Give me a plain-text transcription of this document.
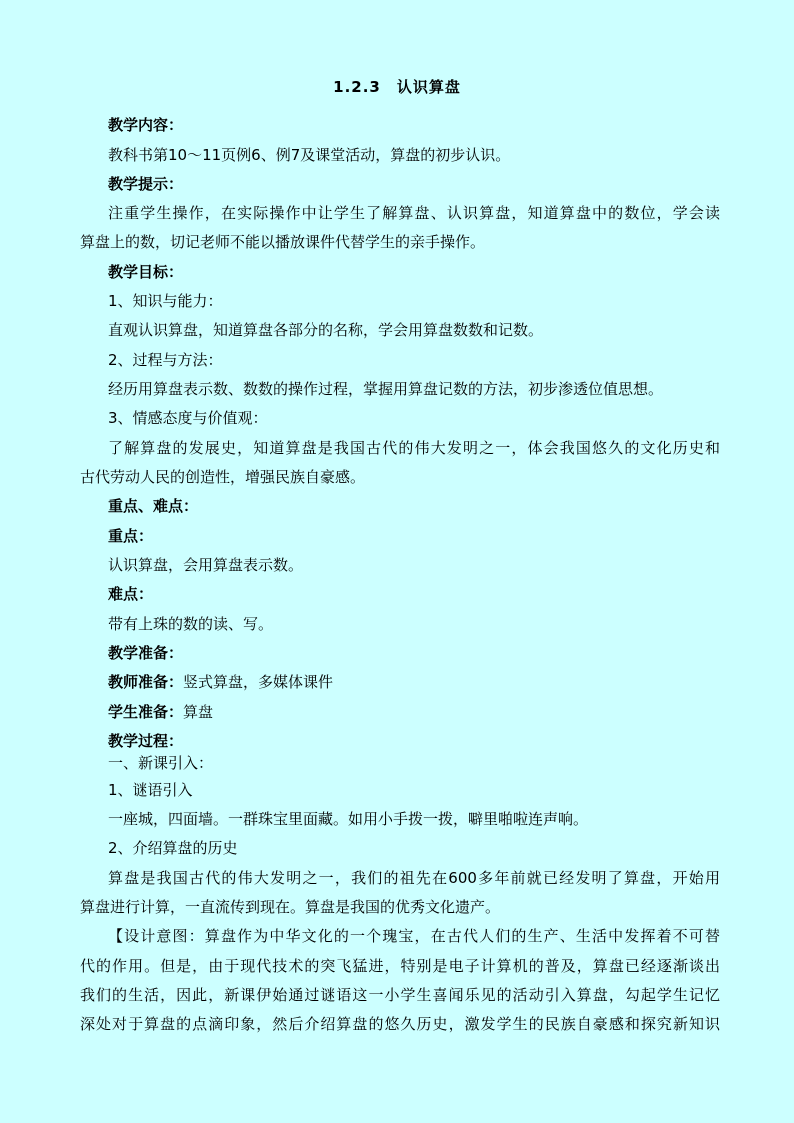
1.2.3　认识算盘
教学内容：
教科书第10～11页例6、例7及课堂活动，算盘的初步认识。
教学提示：
注重学生操作，在实际操作中让学生了解算盘、认识算盘，知道算盘中的数位，学会读
算盘上的数，切记老师不能以播放课件代替学生的亲手操作。
教学目标：
1、知识与能力：
直观认识算盘，知道算盘各部分的名称，学会用算盘数数和记数。
2、过程与方法：
经历用算盘表示数、数数的操作过程，掌握用算盘记数的方法，初步渗透位值思想。
3、情感态度与价值观：
了解算盘的发展史，知道算盘是我国古代的伟大发明之一，体会我国悠久的文化历史和
古代劳动人民的创造性，增强民族自豪感。
重点、难点：
重点：
认识算盘，会用算盘表示数。
难点：
带有上珠的数的读、写。
教学准备：
教师准备：竖式算盘，多媒体课件
学生准备：算盘
教学过程：
一、新课引入：
1、谜语引入
一座城，四面墙。一群珠宝里面藏。如用小手拨一拨，噼里啪啦连声响。
2、介绍算盘的历史
算盘是我国古代的伟大发明之一，我们的祖先在600多年前就已经发明了算盘，开始用
算盘进行计算，一直流传到现在。算盘是我国的优秀文化遗产。
【设计意图：算盘作为中华文化的一个瑰宝，在古代人们的生产、生活中发挥着不可替
代的作用。但是，由于现代技术的突飞猛进，特别是电子计算机的普及，算盘已经逐渐谈出
我们的生活，因此，新课伊始通过谜语这一小学生喜闻乐见的活动引入算盘，勾起学生记忆
深处对于算盘的点滴印象，然后介绍算盘的悠久历史，激发学生的民族自豪感和探究新知识
